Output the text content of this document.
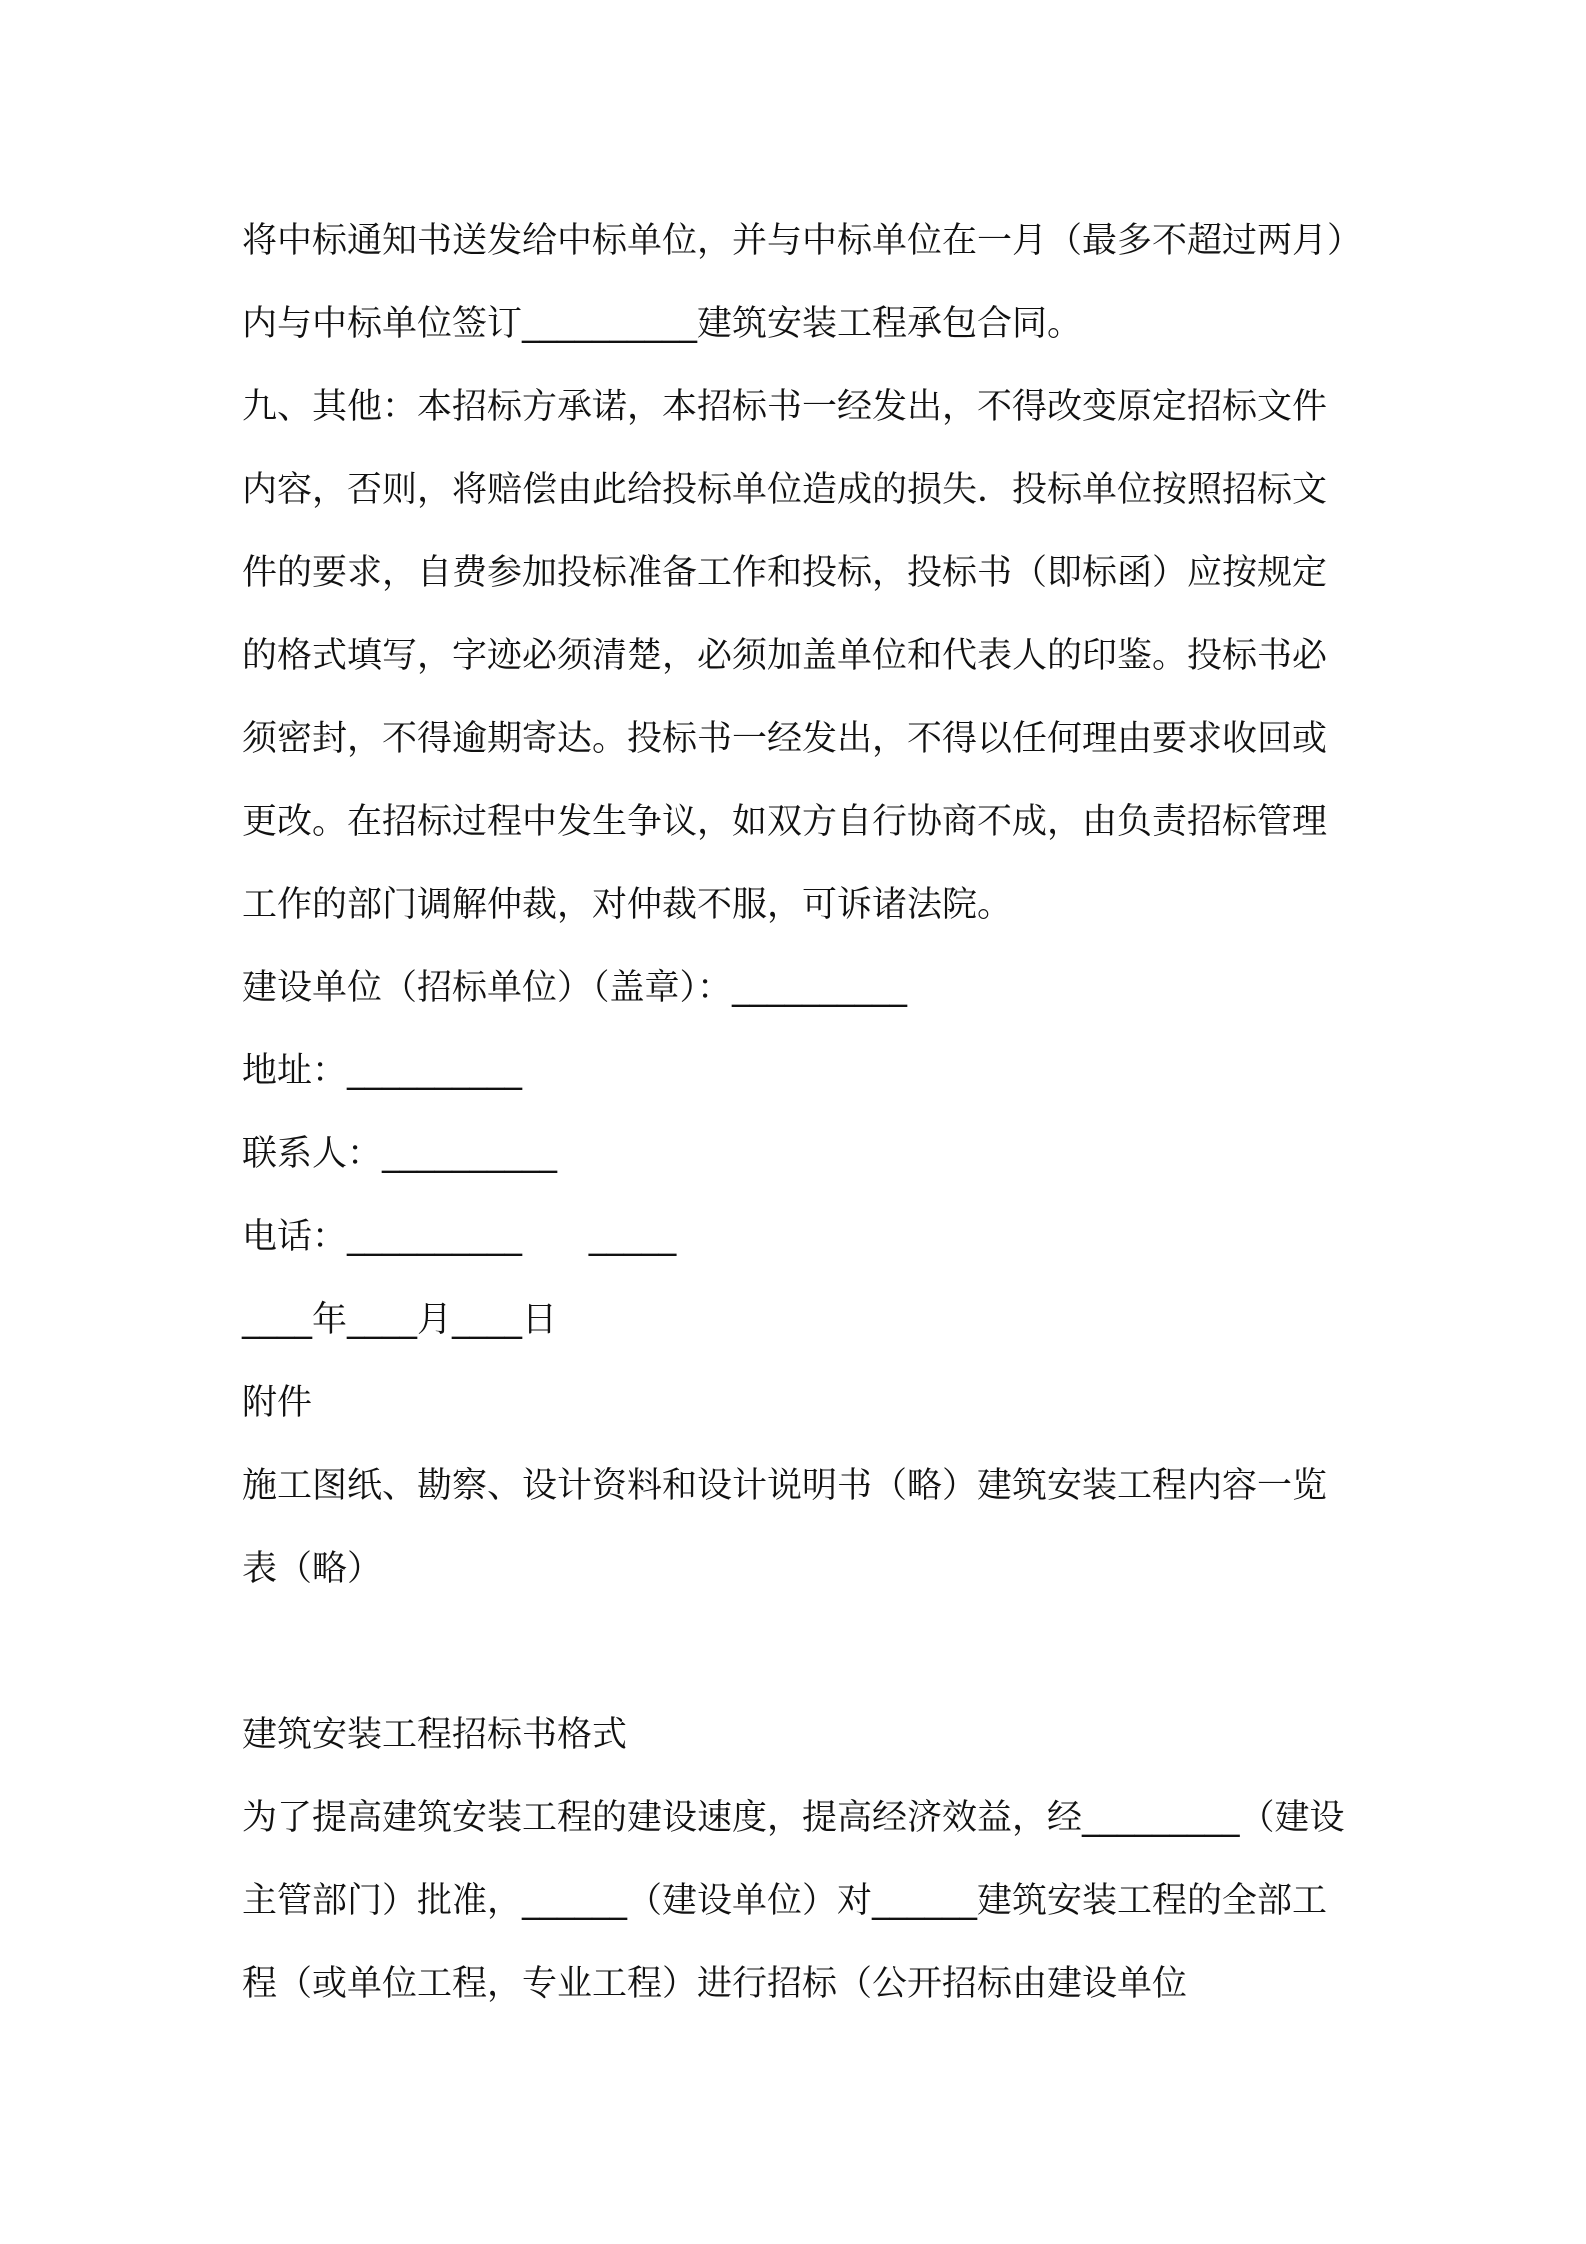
将中标通知书送发给中标单位，并与中标单位在一月（最多不超过两月）内与中标单位签订__________建筑安装工程承包合同。

九、其他：本招标方承诺，本招标书一经发出，不得改变原定招标文件内容，否则，将赔偿由此给投标单位造成的损失．投标单位按照招标文件的要求，自费参加投标准备工作和投标，投标书（即标函）应按规定的格式填写，字迹必须清楚，必须加盖单位和代表人的印鉴。投标书必须密封，不得逾期寄达。投标书一经发出，不得以任何理由要求收回或更改。在招标过程中发生争议，如双方自行协商不成，由负责招标管理工作的部门调解仲裁，对仲裁不服，可诉诸法院。

建设单位（招标单位）（盖章）：__________

地址：__________

联系人：__________

电话：__________      _____

____年____月____日

附件

施工图纸、勘察、设计资料和设计说明书（略）建筑安装工程内容一览表（略）

建筑安装工程招标书格式

为了提高建筑安装工程的建设速度，提高经济效益，经_________（建设主管部门）批准，______（建设单位）对______建筑安装工程的全部工程（或单位工程，专业工程）进行招标（公开招标由建设单位
